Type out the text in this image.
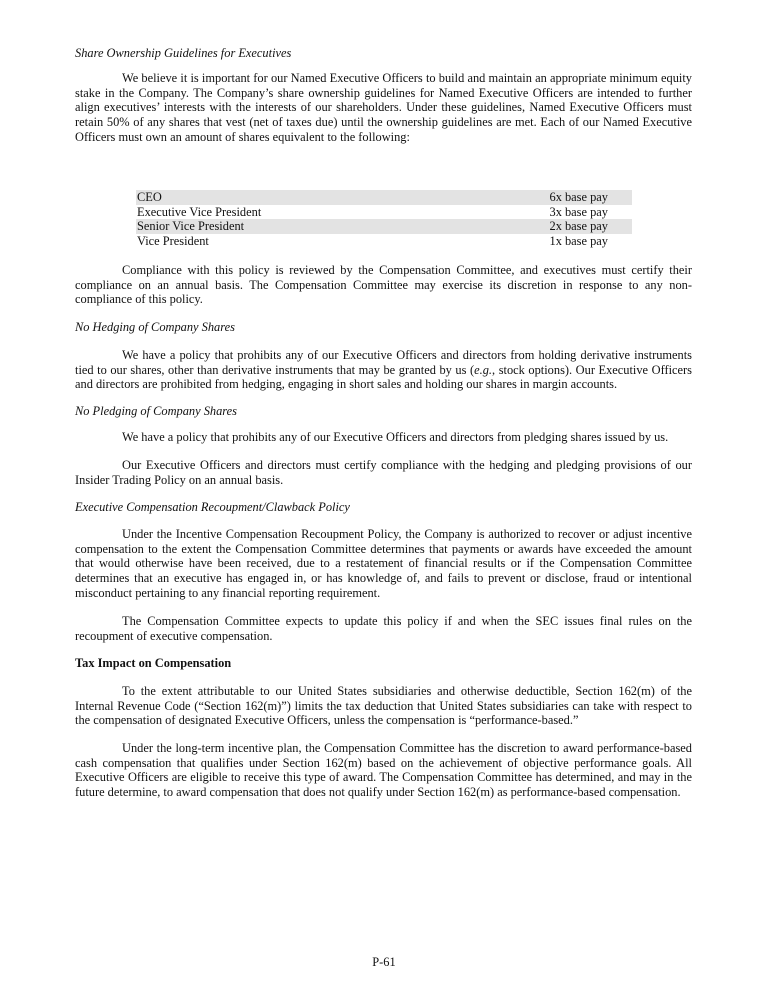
Share Ownership Guidelines for Executives

We believe it is important for our Named Executive Officers to build and maintain an appropriate minimum equity stake in the Company. The Company’s share ownership guidelines for Named Executive Officers are intended to further align executives’ interests with the interests of our shareholders. Under these guidelines, Named Executive Officers must retain 50% of any shares that vest (net of taxes due) until the ownership guidelines are met. Each of our Named Executive Officers must own an amount of shares equivalent to the following:

CEO	6x base pay
Executive Vice President	3x base pay
Senior Vice President	2x base pay
Vice President	1x base pay

Compliance with this policy is reviewed by the Compensation Committee, and executives must certify their compliance on an annual basis. The Compensation Committee may exercise its discretion in response to any non-compliance of this policy.

No Hedging of Company Shares

We have a policy that prohibits any of our Executive Officers and directors from holding derivative instruments tied to our shares, other than derivative instruments that may be granted by us (e.g., stock options). Our Executive Officers and directors are prohibited from hedging, engaging in short sales and holding our shares in margin accounts.

No Pledging of Company Shares

We have a policy that prohibits any of our Executive Officers and directors from pledging shares issued by us.

Our Executive Officers and directors must certify compliance with the hedging and pledging provisions of our Insider Trading Policy on an annual basis.

Executive Compensation Recoupment/Clawback Policy

Under the Incentive Compensation Recoupment Policy, the Company is authorized to recover or adjust incentive compensation to the extent the Compensation Committee determines that payments or awards have exceeded the amount that would otherwise have been received, due to a restatement of financial results or if the Compensation Committee determines that an executive has engaged in, or has knowledge of, and fails to prevent or disclose, fraud or intentional misconduct pertaining to any financial reporting requirement.

The Compensation Committee expects to update this policy if and when the SEC issues final rules on the recoupment of executive compensation.

Tax Impact on Compensation

To the extent attributable to our United States subsidiaries and otherwise deductible, Section 162(m) of the Internal Revenue Code (“Section 162(m)”) limits the tax deduction that United States subsidiaries can take with respect to the compensation of designated Executive Officers, unless the compensation is “performance-based.”

Under the long-term incentive plan, the Compensation Committee has the discretion to award performance-based cash compensation that qualifies under Section 162(m) based on the achievement of objective performance goals. All Executive Officers are eligible to receive this type of award. The Compensation Committee has determined, and may in the future determine, to award compensation that does not qualify under Section 162(m) as performance-based compensation.

P-61
